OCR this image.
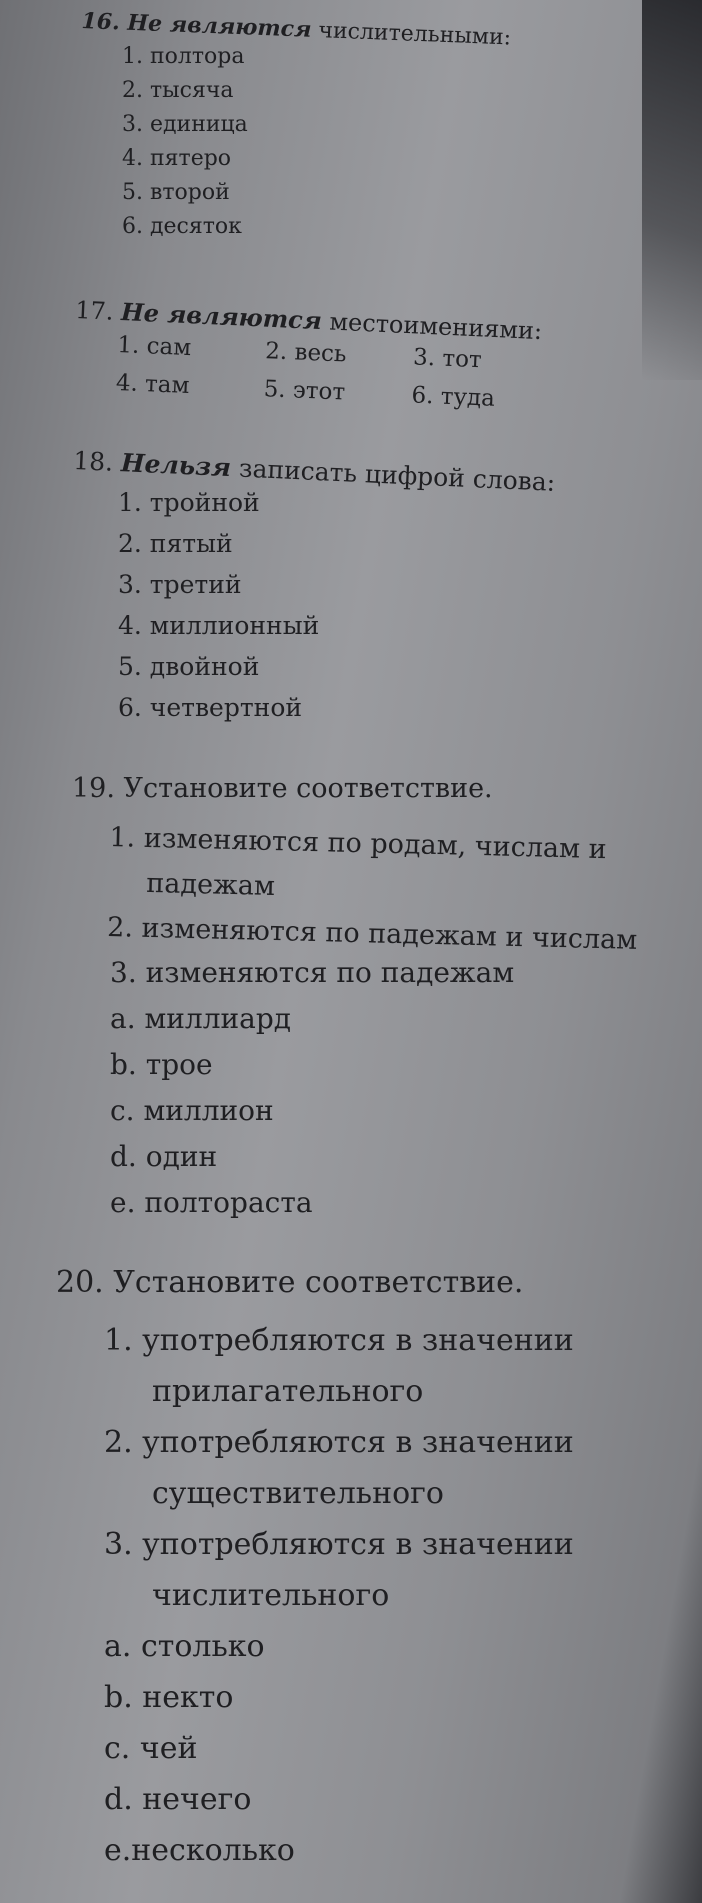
16. Не являются числительными:
1. полтора
2. тысяча
3. единица
4. пятеро
5. второй
6. десяток
17. Не являются местоимениями:
1. сам	2. весь	3. тот
4. там	5. этот	6. туда
18. Нельзя записать цифрой слова:
1. тройной
2. пятый
3. третий
4. миллионный
5. двойной
6. четвертной
19. Установите соответствие.
1. изменяются по родам, числам и
падежам
2. изменяются по падежам и числам
3. изменяются по падежам
a. миллиард
b. трое
c. миллион
d. один
e. полтораста
20. Установите соответствие.
1. употребляются в значении
прилагательного
2. употребляются в значении
существительного
3. употребляются в значении
числительного
a. столько
b. некто
c. чей
d. нечего
e.несколько
